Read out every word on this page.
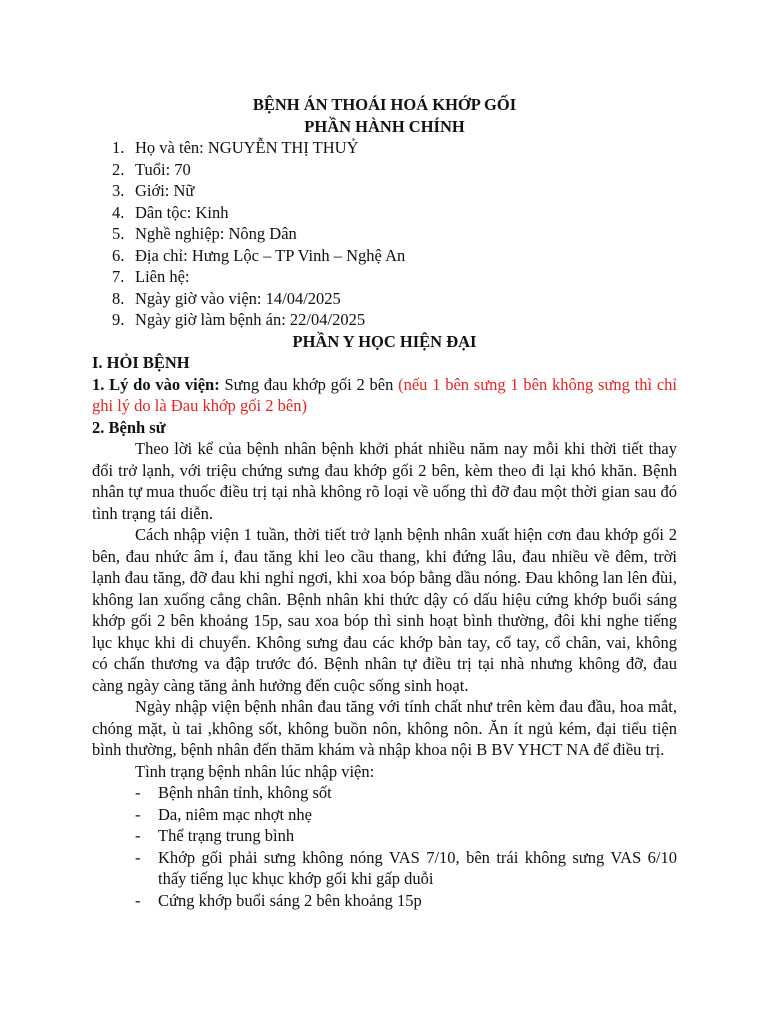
BỆNH ÁN THOÁI HOÁ KHỚP GỐI
PHẦN HÀNH CHÍNH
1. Họ và tên: NGUYỄN THỊ THUỶ
2. Tuổi: 70
3. Giới: Nữ
4. Dân tộc: Kinh
5. Nghề nghiệp: Nông Dân
6. Địa chỉ: Hưng Lộc – TP Vinh – Nghệ An
7. Liên hệ:
8. Ngày giờ vào viện: 14/04/2025
9. Ngày giờ làm bệnh án: 22/04/2025
PHẦN Y HỌC HIỆN ĐẠI
I. HỎI BỆNH
1. Lý do vào viện: Sưng đau khớp gối 2 bên (nếu 1 bên sưng 1 bên không sưng thì chỉ ghi lý do là Đau khớp gối 2 bên)
2. Bệnh sử
Theo lời kể của bệnh nhân bệnh khởi phát nhiều năm nay mỗi khi thời tiết thay đổi trở lạnh, với triệu chứng sưng đau khớp gối 2 bên, kèm theo đi lại khó khăn. Bệnh nhân tự mua thuốc điều trị tại nhà không rõ loại về uống thì đỡ đau một thời gian sau đó tình trạng tái diễn.
Cách nhập viện 1 tuần, thời tiết trở lạnh bệnh nhân xuất hiện cơn đau khớp gối 2 bên, đau nhức âm ỉ, đau tăng khi leo cầu thang, khi đứng lâu, đau nhiều về đêm, trời lạnh đau tăng, đỡ đau khi nghỉ ngơi, khi xoa bóp bằng dầu nóng. Đau không lan lên đùi, không lan xuống cẳng chân. Bệnh nhân khi thức dậy có dấu hiệu cứng khớp buổi sáng khớp gối 2 bên khoảng 15p, sau xoa bóp thì sinh hoạt bình thường, đôi khi nghe tiếng lục khục khi di chuyển. Không sưng đau các khớp bàn tay, cổ tay, cổ chân, vai, không có chấn thương va đập trước đó. Bệnh nhân tự điều trị tại nhà nhưng không đỡ, đau càng ngày càng tăng ảnh hưởng đến cuộc sống sinh hoạt.
Ngày nhập viện bệnh nhân đau tăng với tính chất như trên kèm đau đầu, hoa mắt, chóng mặt, ù tai ,không sốt, không buồn nôn, không nôn. Ăn ít ngủ kém, đại tiểu tiện bình thường, bệnh nhân đến thăm khám và nhập khoa nội B BV YHCT NA để điều trị.
Tình trạng bệnh nhân lúc nhập viện:
-	Bệnh nhân tỉnh, không sốt
-	Da, niêm mạc nhợt nhẹ
-	Thể trạng trung bình
-	Khớp gối phải sưng không nóng VAS 7/10, bên trái không sưng VAS 6/10 thấy tiếng lục khục khớp gối khi gấp duỗi
-	Cứng khớp buổi sáng 2 bên khoảng 15p
